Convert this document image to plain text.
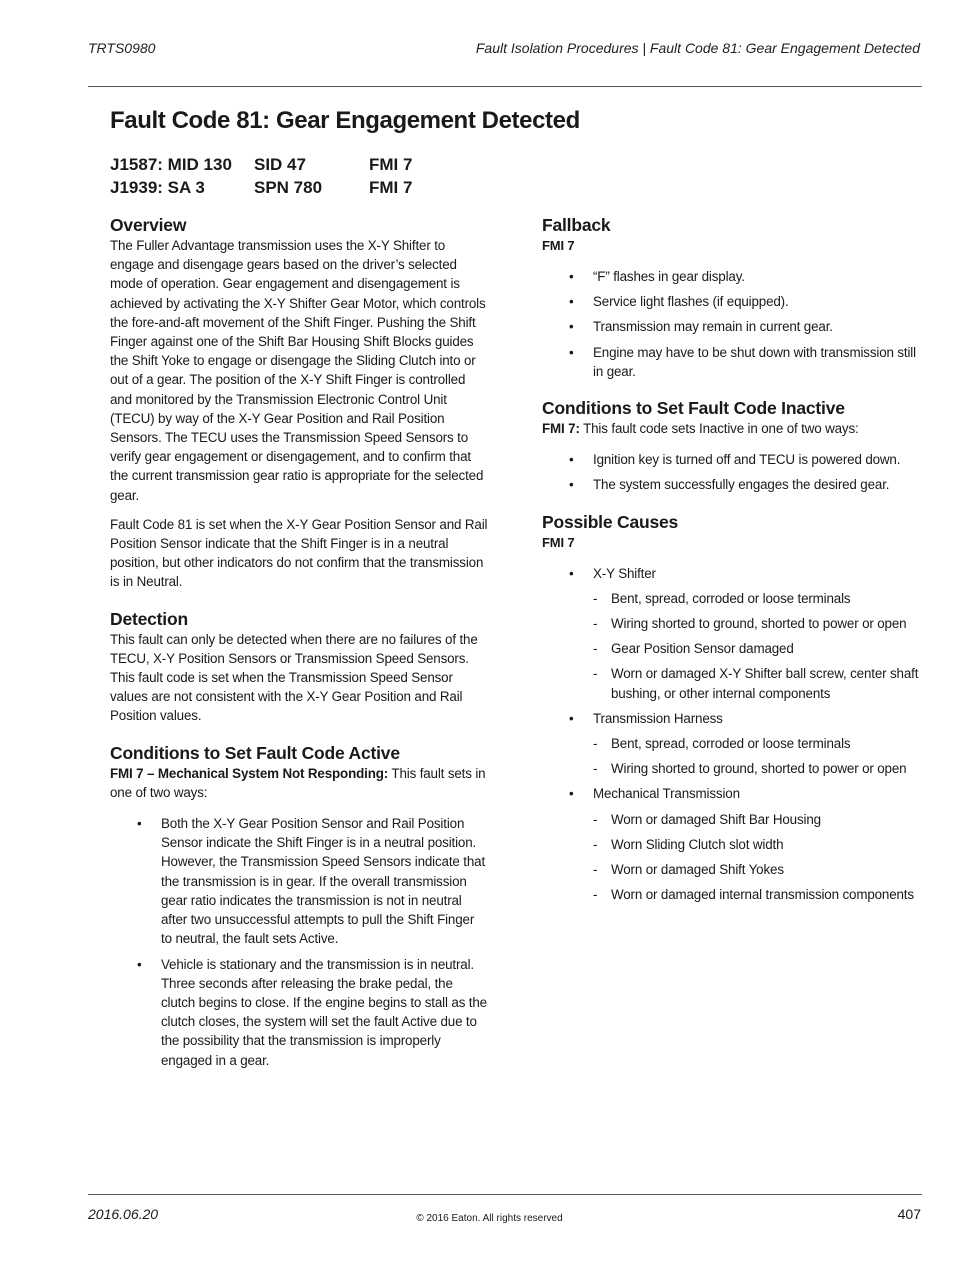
TRTS0980	Fault Isolation Procedures | Fault Code 81: Gear Engagement Detected
Fault Code 81: Gear Engagement Detected
J1587: MID 130	SID 47	FMI 7
J1939: SA 3	SPN 780	FMI 7
Overview

The Fuller Advantage transmission uses the X-Y Shifter to engage and disengage gears based on the driver’s selected mode of operation. Gear engagement and disengagement is achieved by activating the X-Y Shifter Gear Motor, which controls the fore-and-aft movement of the Shift Finger. Pushing the Shift Finger against one of the Shift Bar Housing Shift Blocks guides the Shift Yoke to engage or disengage the Sliding Clutch into or out of a gear. The position of the X-Y Shift Finger is controlled and monitored by the Transmission Electronic Control Unit (TECU) by way of the X-Y Gear Position and Rail Position Sensors. The TECU uses the Transmission Speed Sensors to verify gear engagement or disengagement, and to confirm that the current transmission gear ratio is appropriate for the selected gear.

Fault Code 81 is set when the X-Y Gear Position Sensor and Rail Position Sensor indicate that the Shift Finger is in a neutral position, but other indicators do not confirm that the transmission is in Neutral.

Detection

This fault can only be detected when there are no failures of the TECU, X-Y Position Sensors or Transmission Speed Sensors. This fault code is set when the Transmission Speed Sensor values are not consistent with the X-Y Gear Position and Rail Position values.

Conditions to Set Fault Code Active

FMI 7 – Mechanical System Not Responding: This fault sets in one of two ways:

• Both the X-Y Gear Position Sensor and Rail Position Sensor indicate the Shift Finger is in a neutral position. However, the Transmission Speed Sensors indicate that the transmission is in gear. If the overall transmission gear ratio indicates the transmission is not in neutral after two unsuccessful attempts to pull the Shift Finger to neutral, the fault sets Active.
• Vehicle is stationary and the transmission is in neutral. Three seconds after releasing the brake pedal, the clutch begins to close. If the engine begins to stall as the clutch closes, the system will set the fault Active due to the possibility that the transmission is improperly engaged in a gear.
Fallback
FMI 7
• “F” flashes in gear display.
• Service light flashes (if equipped).
• Transmission may remain in current gear.
• Engine may have to be shut down with transmission still in gear.
Conditions to Set Fault Code Inactive

FMI 7: This fault code sets Inactive in one of two ways:

• Ignition key is turned off and TECU is powered down.
• The system successfully engages the desired gear.
Possible Causes
FMI 7
• X-Y Shifter
- Bent, spread, corroded or loose terminals
- Wiring shorted to ground, shorted to power or open
- Gear Position Sensor damaged
- Worn or damaged X-Y Shifter ball screw, center shaft bushing, or other internal components
• Transmission Harness
- Bent, spread, corroded or loose terminals
- Wiring shorted to ground, shorted to power or open
• Mechanical Transmission
- Worn or damaged Shift Bar Housing
- Worn Sliding Clutch slot width
- Worn or damaged Shift Yokes
- Worn or damaged internal transmission components
2016.06.20	© 2016 Eaton. All rights reserved	407
